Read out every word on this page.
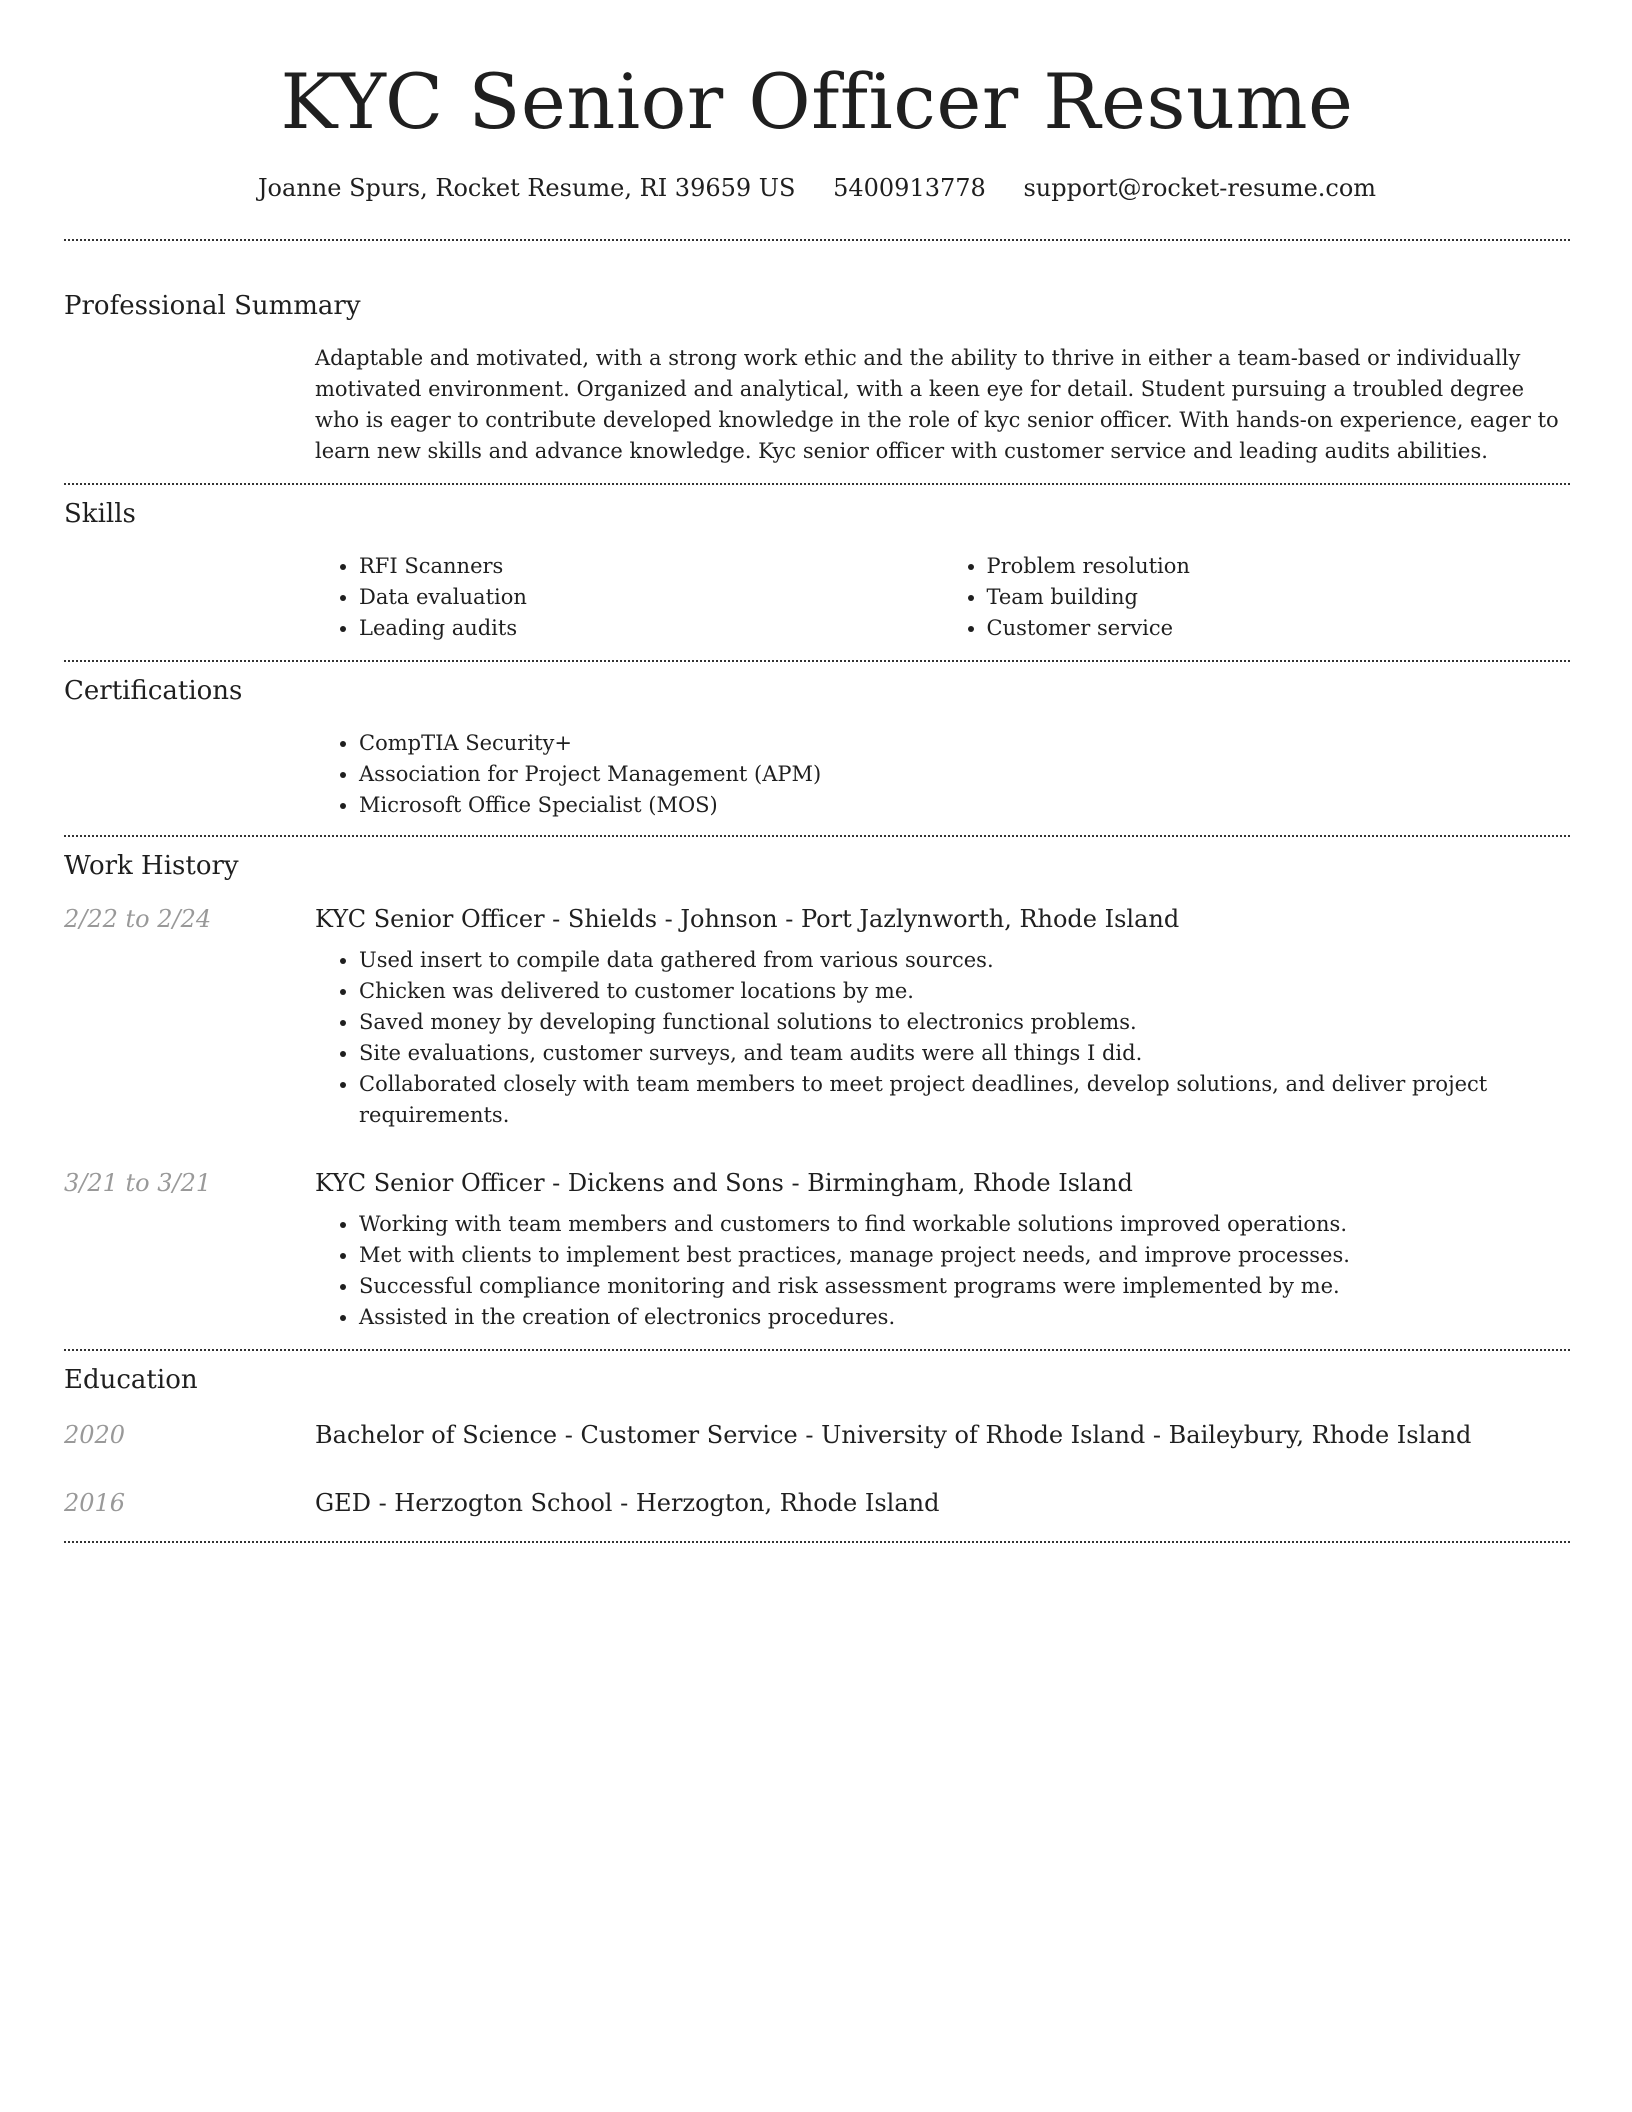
KYC Senior Officer Resume
Joanne Spurs, Rocket Resume, RI 39659 US 5400913778 support@rocket-resume.com
Professional Summary

Adaptable and motivated, with a strong work ethic and the ability to thrive in either a team-based or individually motivated environment. Organized and analytical, with a keen eye for detail. Student pursuing a troubled degree who is eager to contribute developed knowledge in the role of kyc senior officer. With hands-on experience, eager to learn new skills and advance knowledge. Kyc senior officer with customer service and leading audits abilities.

Skills
• RFI Scanners
• Data evaluation
• Leading audits
• Problem resolution
• Team building
• Customer service
Certifications
• CompTIA Security+
• Association for Project Management (APM)
• Microsoft Office Specialist (MOS)
Work History
2/22 to 2/24	KYC Senior Officer - Shields - Johnson - Port Jazlynworth, Rhode Island
• Used insert to compile data gathered from various sources.
• Chicken was delivered to customer locations by me.
• Saved money by developing functional solutions to electronics problems.
• Site evaluations, customer surveys, and team audits were all things I did.
• Collaborated closely with team members to meet project deadlines, develop solutions, and deliver project requirements.
3/21 to 3/21	KYC Senior Officer - Dickens and Sons - Birmingham, Rhode Island
• Working with team members and customers to find workable solutions improved operations.
• Met with clients to implement best practices, manage project needs, and improve processes.
• Successful compliance monitoring and risk assessment programs were implemented by me.
• Assisted in the creation of electronics procedures.
Education
2020	Bachelor of Science - Customer Service - University of Rhode Island - Baileybury, Rhode Island
2016	GED - Herzogton School - Herzogton, Rhode Island
